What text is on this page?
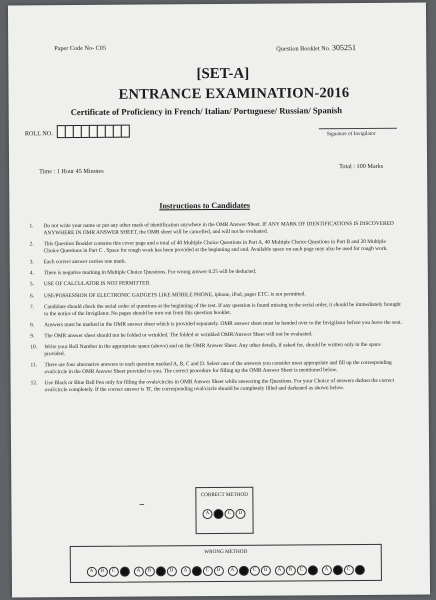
Paper Code No- C05	Question Booklet No. 305251
[SET-A]
ENTRANCE EXAMINATION-2016
Certificate of Proficiency in French/ Italian/ Portuguese/ Russian/ Spanish
ROLL NO.	Signature of Invigilator
Time : 1 Hour 45 Minutes
Total : 100 Marks
Instructions to Candidates
1. Do not write your name or put any other mark of identification anywhere in the OMR Answer Sheet. IF ANY MARK OF IDENTIFICATIONS IS DISCOVERED ANYWHERE IN OMR ANSWER SHEET, the OMR sheet will be cancelled, and will not be evaluated.
2. This Question Booklet contains this cover page and a total of 40 Multiple Choice Questions in Part A, 40 Multiple Choice Questions in Part B and 20 Multiple Choice Questions in Part C . Space for rough work has been provided at the beginning and end. Available space on each page may also be used for rough work.
3. Each correct answer carries one mark.
4. There is negative marking in Multiple Choice Questions. For wrong answer 0.25 will be deducted.
5. USE OF CALCULATOR IS NOT PERMITTED.
6. USE/POSSESSION OF ELECTRONIC GADGETS LIKE MOBILE PHONE, iphone, iPad, pager ETC. is not permitted.
7. Candidate should check the serial order of questions at the beginning of the test. If any question is found missing in the serial order, it should be immediately brought to the notice of the Invigilator. No pages should be torn out from this question booklet.
8. Answers must be marked in the OMR answer sheet which is provided separately. OMR answer sheet must be handed over to the Invigilator before you leave the seat.
9. The OMR answer sheet should not be folded or wrinkled. The folded or wrinkled OMR/Answer Sheet will not be evaluated.
10. Write your Roll Number in the appropriate space (above) and on the OMR Answer Sheet. Any other details, if asked for, should be written only in the space provided.
11. There are four alternative answers to each question marked A, B, C and D. Select one of the answers you consider most appropriate and fill up the corresponding oval/circle in the OMR Answer Sheet provided to you. The correct procedure for filling up the OMR Answer Sheet is mentioned below.
12. Use Black or Blue Ball Pen only for filling the ovals/circles in OMR Answer Sheet while answering the Questions. For your Choice of answers darken the correct oval/circle completely. If the correct answer is 'B', the corresponding oval/circle should be completely filled and darkened as shown below.
–
CORRECT METHOD
A B C D
WRONG METHOD
A B C D A B C D A B C D A B C D A B C D A B C D
